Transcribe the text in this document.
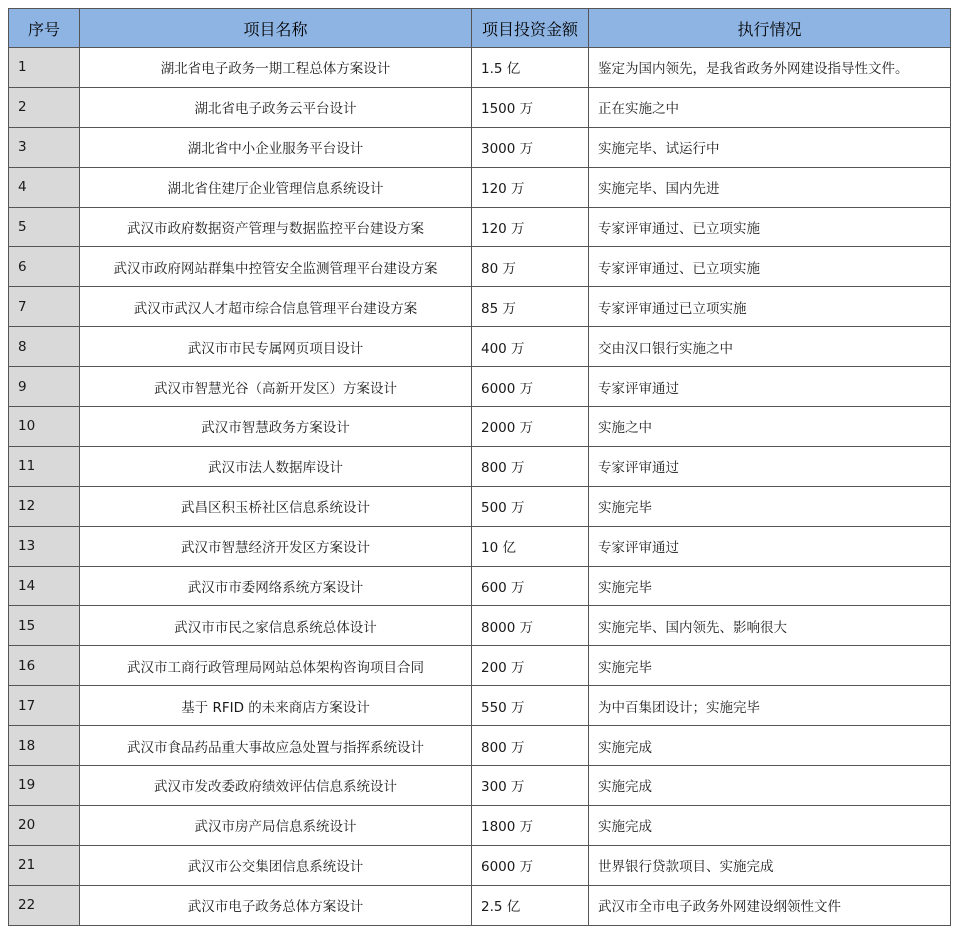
序号	项目名称	项目投资金额	执行情况
1	湖北省电子政务一期工程总体方案设计	1.5 亿	鉴定为国内领先，是我省政务外网建设指导性文件。
2	湖北省电子政务云平台设计	1500 万	正在实施之中
3	湖北省中小企业服务平台设计	3000 万	实施完毕、试运行中
4	湖北省住建厅企业管理信息系统设计	120 万	实施完毕、国内先进
5	武汉市政府数据资产管理与数据监控平台建设方案	120 万	专家评审通过、已立项实施
6	武汉市政府网站群集中控管安全监测管理平台建设方案	80 万	专家评审通过、已立项实施
7	武汉市武汉人才超市综合信息管理平台建设方案	85 万	专家评审通过已立项实施
8	武汉市市民专属网页项目设计	400 万	交由汉口银行实施之中
9	武汉市智慧光谷（高新开发区）方案设计	6000 万	专家评审通过
10	武汉市智慧政务方案设计	2000 万	实施之中
11	武汉市法人数据库设计	800 万	专家评审通过
12	武昌区积玉桥社区信息系统设计	500 万	实施完毕
13	武汉市智慧经济开发区方案设计	10 亿	专家评审通过
14	武汉市市委网络系统方案设计	600 万	实施完毕
15	武汉市市民之家信息系统总体设计	8000 万	实施完毕、国内领先、影响很大
16	武汉市工商行政管理局网站总体架构咨询项目合同	200 万	实施完毕
17	基于 RFID 的未来商店方案设计	550 万	为中百集团设计；实施完毕
18	武汉市食品药品重大事故应急处置与指挥系统设计	800 万	实施完成
19	武汉市发改委政府绩效评估信息系统设计	300 万	实施完成
20	武汉市房产局信息系统设计	1800 万	实施完成
21	武汉市公交集团信息系统设计	6000 万	世界银行贷款项目、实施完成
22	武汉市电子政务总体方案设计	2.5 亿	武汉市全市电子政务外网建设纲领性文件
